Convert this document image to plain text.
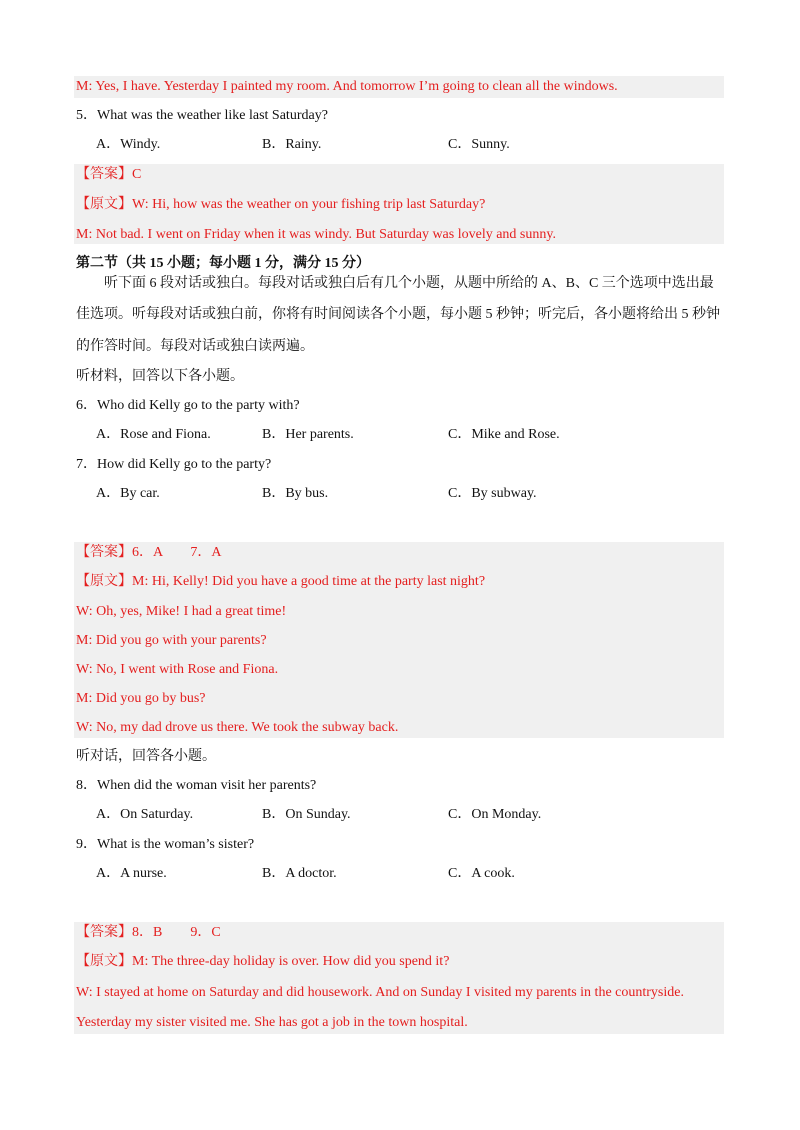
M: Yes, I have. Yesterday I painted my room. And tomorrow I’m going to clean all the windows.
5．What was the weather like last Saturday?
A．Windy.	B．Rainy.	C．Sunny.
【答案】C
【原文】W: Hi, how was the weather on your fishing trip last Saturday?
M: Not bad. I went on Friday when it was windy. But Saturday was lovely and sunny.
第二节（共 15 小题；每小题 1 分，满分 15 分）
听下面 6 段对话或独白。每段对话或独白后有几个小题，从题中所给的 A、B、C 三个选项中选出最
佳选项。听每段对话或独白前，你将有时间阅读各个小题，每小题 5 秒钟；听完后，各小题将给出 5 秒钟
的作答时间。每段对话或独白读两遍。
听材料，回答以下各小题。
6．Who did Kelly go to the party with?
A．Rose and Fiona.	B．Her parents.	C．Mike and Rose.
7．How did Kelly go to the party?
A．By car.	B．By bus.	C．By subway.
【答案】6．A　　7．A
【原文】M: Hi, Kelly! Did you have a good time at the party last night?
W: Oh, yes, Mike! I had a great time!
M: Did you go with your parents?
W: No, I went with Rose and Fiona.
M: Did you go by bus?
W: No, my dad drove us there. We took the subway back.
听对话，回答各小题。
8．When did the woman visit her parents?
A．On Saturday.	B．On Sunday.	C．On Monday.
9．What is the woman’s sister?
A．A nurse.	B．A doctor.	C．A cook.
【答案】8．B　　9．C
【原文】M: The three-day holiday is over. How did you spend it?
W: I stayed at home on Saturday and did housework. And on Sunday I visited my parents in the countryside.
Yesterday my sister visited me. She has got a job in the town hospital.
